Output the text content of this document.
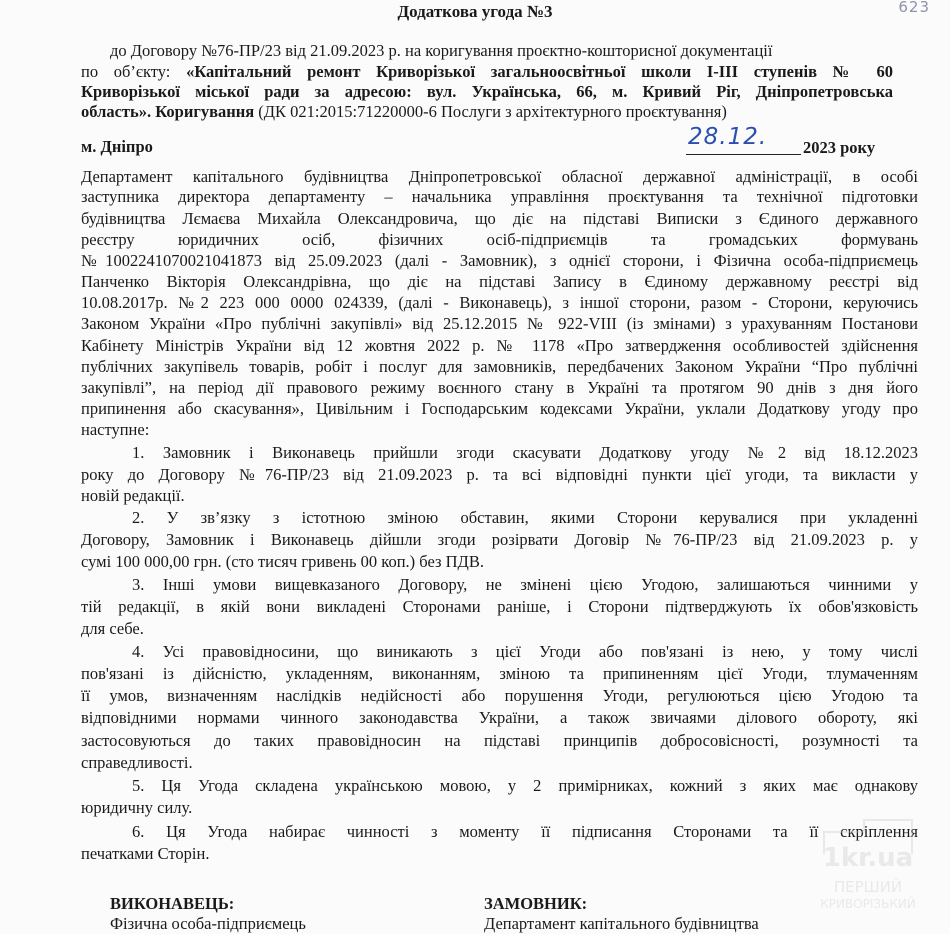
623
Додаткова угода №3
до Договору №76-ПР/23 від 21.09.2023 р. на коригування проєктно-кошторисної документації
по об’єкту: «Капітальний ремонт Криворізької загальноосвітньої школи І-ІІІ ступенів № 60
Криворізької міської ради за адресою: вул. Українська, 66, м. Кривий Ріг, Дніпропетровська
область». Коригування (ДК 021:2015:71220000-6 Послуги з архітектурного проєктування)
м. Дніпро	28.12. 2023 року
Департамент капітального будівництва Дніпропетровської обласної державної адміністрації, в особі
заступника директора департаменту – начальника управління проєктування та технічної підготовки
будівництва Лємаєва Михайла Олександровича, що діє на підставі Виписки з Єдиного державного
реєстру юридичних осіб, фізичних осіб-підприємців та громадських формувань
№1002241070021041873 від 25.09.2023 (далі - Замовник), з однієї сторони, і Фізична особа-підприємець
Панченко Вікторія Олександрівна, що діє на підставі Запису в Єдиному державному реєстрі від
10.08.2017р. №2 223 000 0000 024339, (далі - Виконавець), з іншої сторони, разом - Сторони, керуючись
Законом України «Про публічні закупівлі» від 25.12.2015 № 922-VIII (із змінами) з урахуванням Постанови
Кабінету Міністрів України від 12 жовтня 2022 р. № 1178 «Про затвердження особливостей здійснення
публічних закупівель товарів, робіт і послуг для замовників, передбачених Законом України “Про публічні
закупівлі”, на період дії правового режиму воєнного стану в Україні та протягом 90 днів з дня його
припинення або скасування», Цивільним і Господарським кодексами України, уклали Додаткову угоду про
наступне:
1. Замовник і Виконавець прийшли згоди скасувати Додаткову угоду №2 від 18.12.2023
року до Договору №76-ПР/23 від 21.09.2023 р. та всі відповідні пункти цієї угоди, та викласти у
новій редакції.
2. У зв’язку з істотною зміною обставин, якими Сторони керувалися при укладенні
Договору, Замовник і Виконавець дійшли згоди розірвати Договір №76-ПР/23 від 21.09.2023 р. у
сумі 100 000,00 грн. (сто тисяч гривень 00 коп.) без ПДВ.
3. Інші умови вищевказаного Договору, не змінені цією Угодою, залишаються чинними у
тій редакції, в якій вони викладені Сторонами раніше, і Сторони підтверджують їх обов'язковість
для себе.
4. Усі правовідносини, що виникають з цієї Угоди або пов'язані із нею, у тому числі
пов'язані із дійсністю, укладенням, виконанням, зміною та припиненням цієї Угоди, тлумаченням
її умов, визначенням наслідків недійсності або порушення Угоди, регулюються цією Угодою та
відповідними нормами чинного законодавства України, а також звичаями ділового обороту, які
застосовуються до таких правовідносин на підставі принципів добросовісності, розумності та
справедливості.
5. Ця Угода складена українською мовою, у 2 примірниках, кожний з яких має однакову
юридичну силу.
6. Ця Угода набирає чинності з моменту її підписання Сторонами та її скріплення
печатками Сторін.
ВИКОНАВЕЦЬ:
Фізична особа-підприємець
ЗАМОВНИК:
Департамент капітального будівництва
1kr.ua
ПЕРШИЙ
КРИВОРІЗЬКИЙ
